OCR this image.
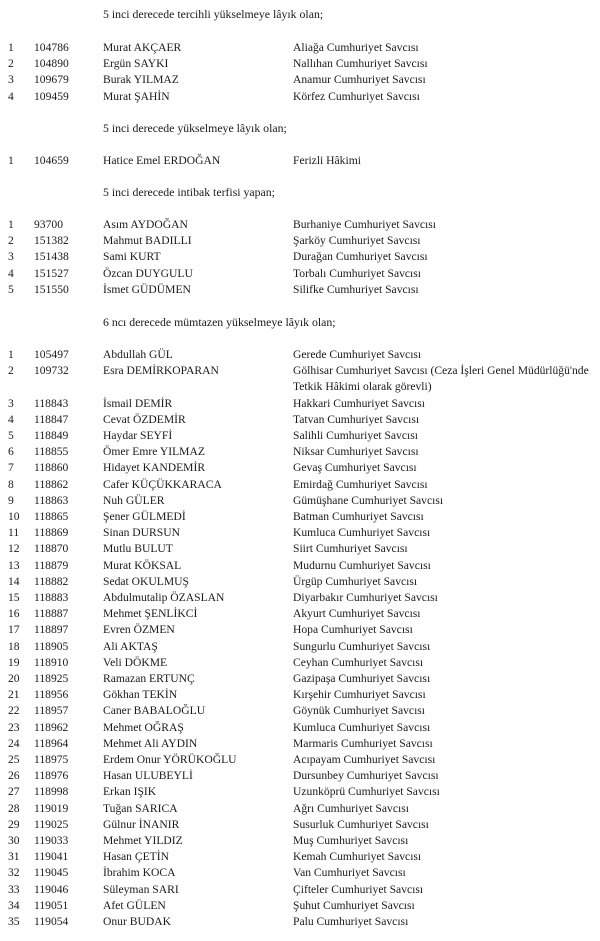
5 inci derecede tercihli yükselmeye lâyık olan;
1	104786	Murat AKÇAER	Aliağa Cumhuriyet Savcısı
2	104890	Ergün SAYKI	Nallıhan Cumhuriyet Savcısı
3	109679	Burak YILMAZ	Anamur Cumhuriyet Savcısı
4	109459	Murat ŞAHİN	Körfez Cumhuriyet Savcısı
5 inci derecede yükselmeye lâyık olan;
1	104659	Hatice Emel ERDOĞAN	Ferizli Hâkimi
5 inci derecede intibak terfisi yapan;
1	93700	Asım AYDOĞAN	Burhaniye Cumhuriyet Savcısı
2	151382	Mahmut BADILLI	Şarköy Cumhuriyet Savcısı
3	151438	Sami KURT	Durağan Cumhuriyet Savcısı
4	151527	Özcan DUYGULU	Torbalı Cumhuriyet Savcısı
5	151550	İsmet GÜDÜMEN	Silifke Cumhuriyet Savcısı
6 ncı derecede mümtazen yükselmeye lâyık olan;
1	105497	Abdullah GÜL	Gerede Cumhuriyet Savcısı
2	109732	Esra DEMİRKOPARAN	Gölhisar Cumhuriyet Savcısı (Ceza İşleri Genel Müdürlüğü'nde
Tetkik Hâkimi olarak görevli)
3	118843	İsmail DEMİR	Hakkari Cumhuriyet Savcısı
4	118847	Cevat ÖZDEMİR	Tatvan Cumhuriyet Savcısı
5	118849	Haydar SEYFİ	Salihli Cumhuriyet Savcısı
6	118855	Ömer Emre YILMAZ	Niksar Cumhuriyet Savcısı
7	118860	Hidayet KANDEMİR	Gevaş Cumhuriyet Savcısı
8	118862	Cafer KÜÇÜKKARACA	Emirdağ Cumhuriyet Savcısı
9	118863	Nuh GÜLER	Gümüşhane Cumhuriyet Savcısı
10	118865	Şener GÜLMEDİ	Batman Cumhuriyet Savcısı
11	118869	Sinan DURSUN	Kumluca Cumhuriyet Savcısı
12	118870	Mutlu BULUT	Siirt Cumhuriyet Savcısı
13	118879	Murat KÖKSAL	Mudurnu Cumhuriyet Savcısı
14	118882	Sedat OKULMUŞ	Ürgüp Cumhuriyet Savcısı
15	118883	Abdulmutalip ÖZASLAN	Diyarbakır Cumhuriyet Savcısı
16	118887	Mehmet ŞENLİKCİ	Akyurt Cumhuriyet Savcısı
17	118897	Evren ÖZMEN	Hopa Cumhuriyet Savcısı
18	118905	Ali AKTAŞ	Sungurlu Cumhuriyet Savcısı
19	118910	Veli DÖKME	Ceyhan Cumhuriyet Savcısı
20	118925	Ramazan ERTUNÇ	Gazipaşa Cumhuriyet Savcısı
21	118956	Gökhan TEKİN	Kırşehir Cumhuriyet Savcısı
22	118957	Caner BABALOĞLU	Göynük Cumhuriyet Savcısı
23	118962	Mehmet OĞRAŞ	Kumluca Cumhuriyet Savcısı
24	118964	Mehmet Ali AYDIN	Marmaris Cumhuriyet Savcısı
25	118975	Erdem Onur YÖRÜKOĞLU	Acıpayam Cumhuriyet Savcısı
26	118976	Hasan ULUBEYLİ	Dursunbey Cumhuriyet Savcısı
27	118998	Erkan IŞIK	Uzunköprü Cumhuriyet Savcısı
28	119019	Tuğan SARICA	Ağrı Cumhuriyet Savcısı
29	119025	Gülnur İNANIR	Susurluk Cumhuriyet Savcısı
30	119033	Mehmet YILDIZ	Muş Cumhuriyet Savcısı
31	119041	Hasan ÇETİN	Kemah Cumhuriyet Savcısı
32	119045	İbrahim KOCA	Van Cumhuriyet Savcısı
33	119046	Süleyman SARI	Çifteler Cumhuriyet Savcısı
34	119051	Afet GÜLEN	Şuhut Cumhuriyet Savcısı
35	119054	Onur BUDAK	Palu Cumhuriyet Savcısı
